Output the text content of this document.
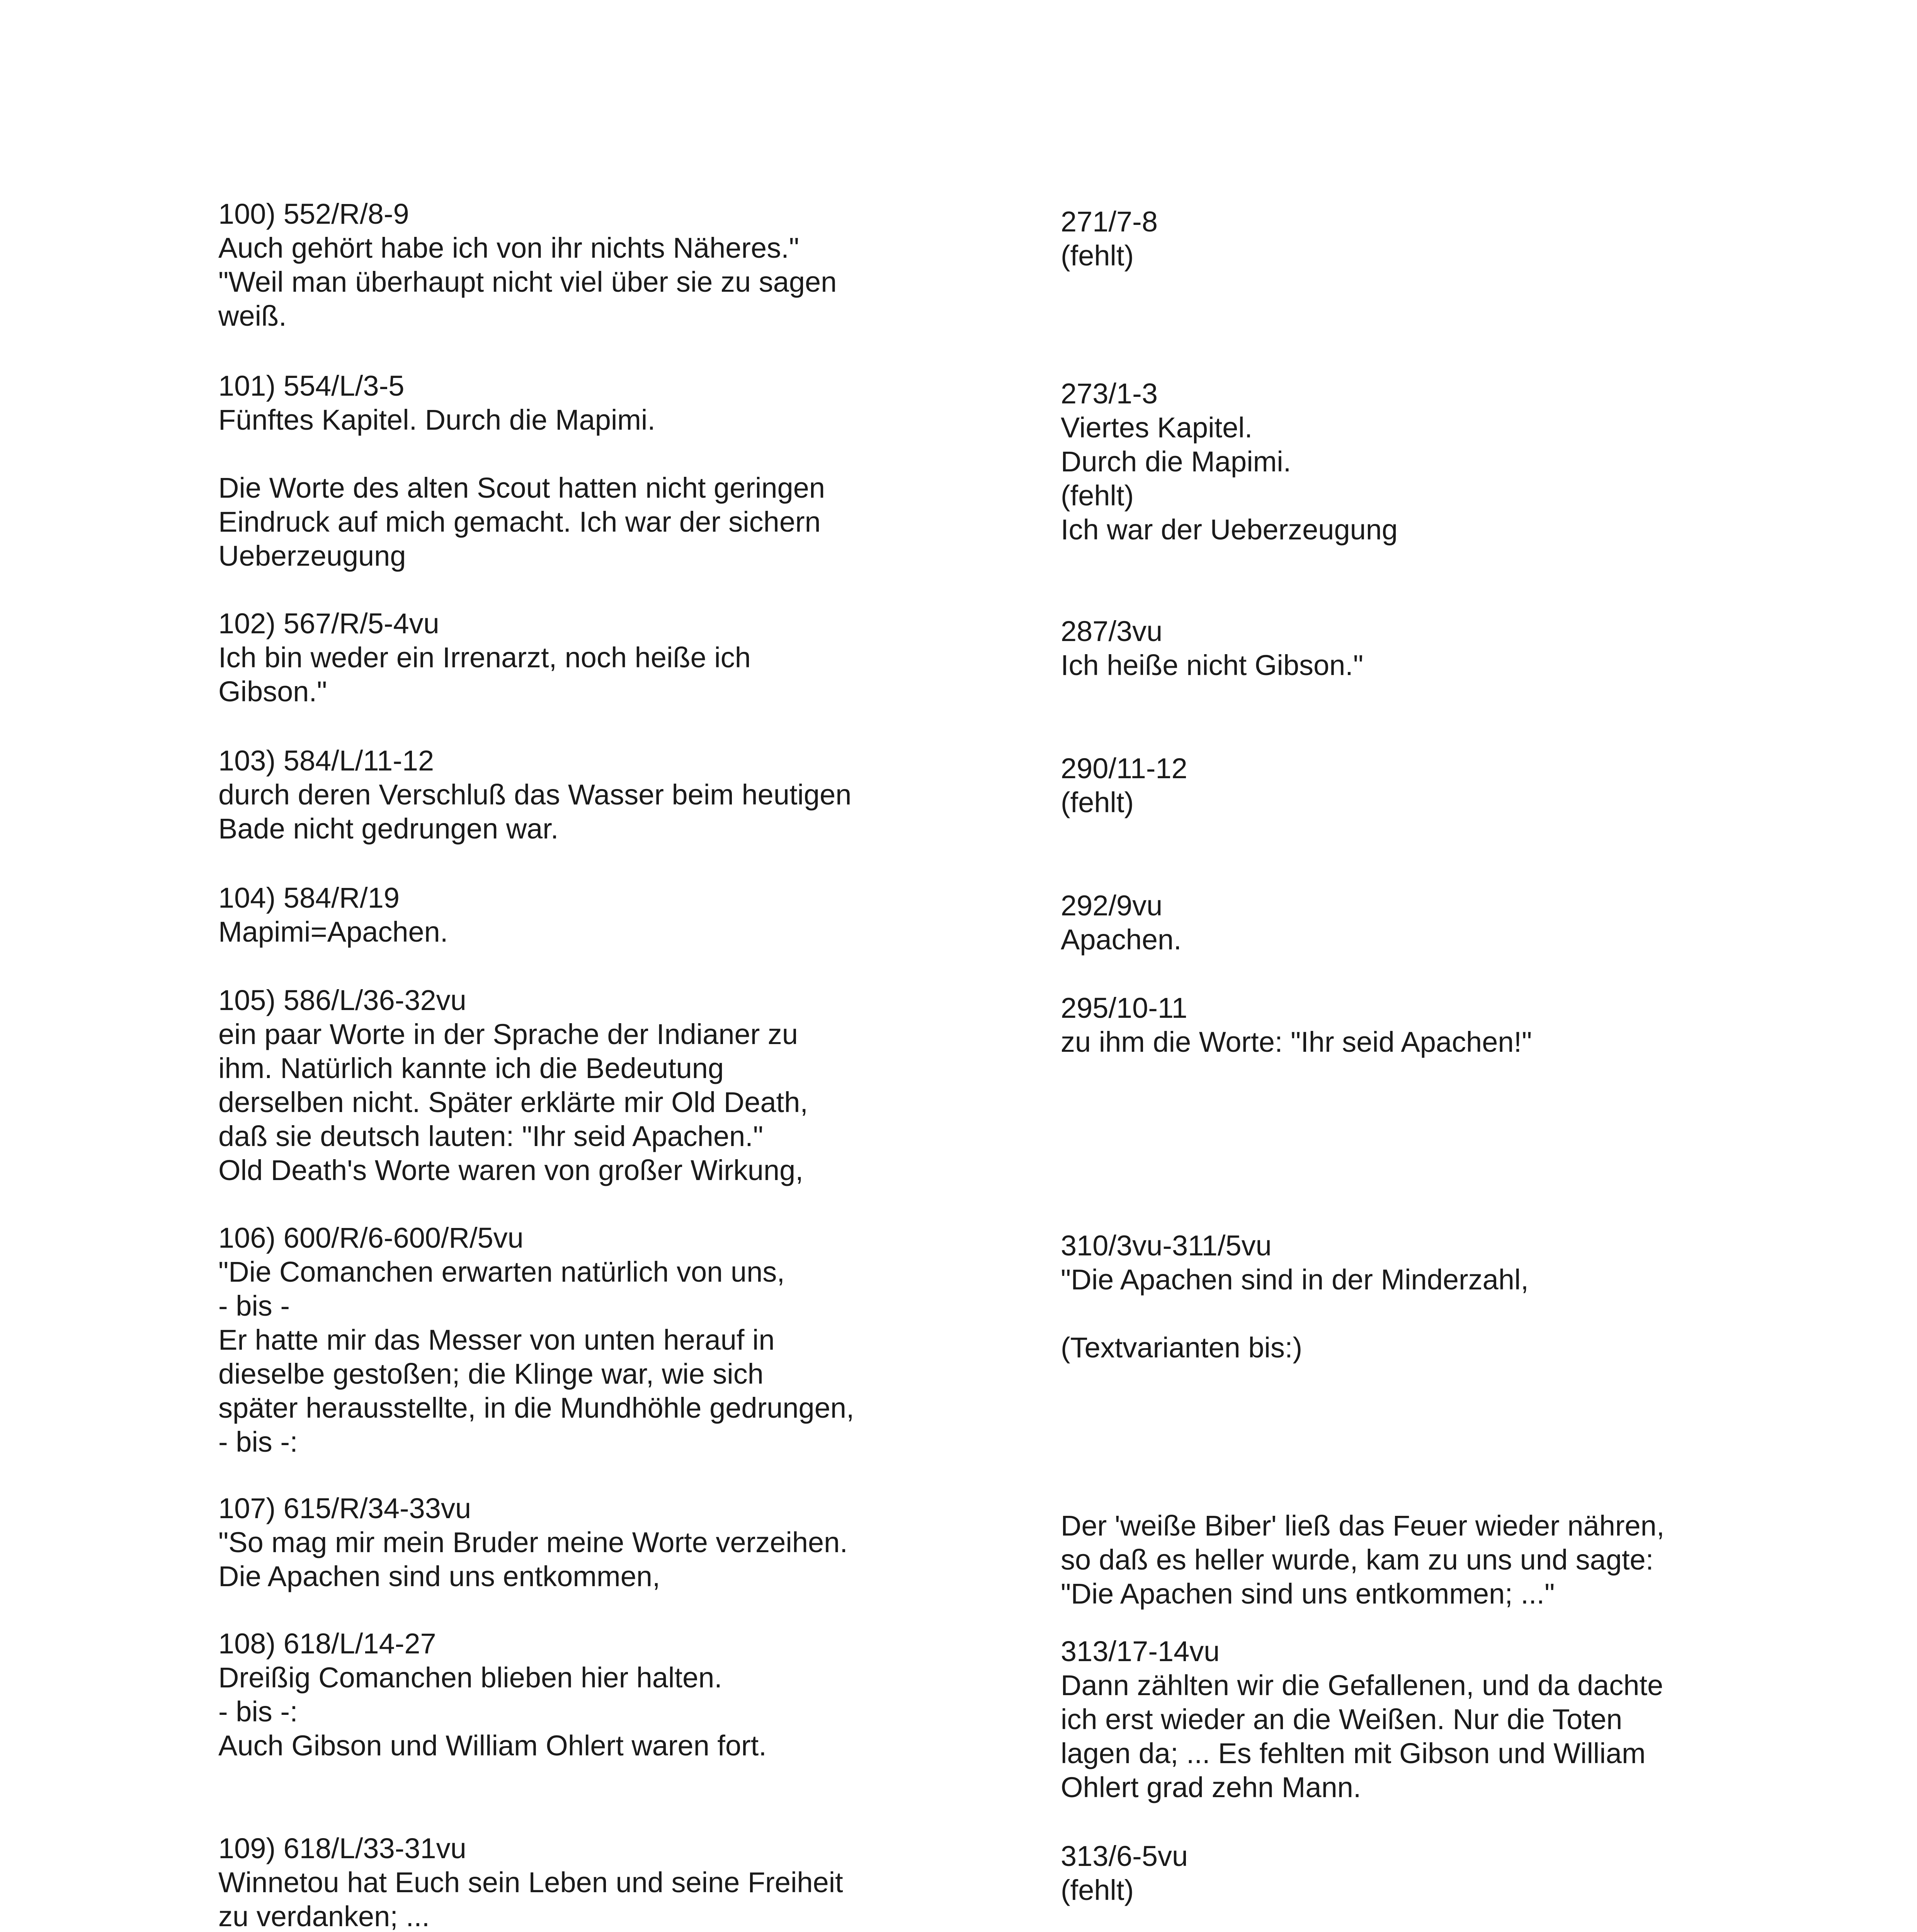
100) 552/R/8-9
Auch gehört habe ich von ihr nichts Näheres."
"Weil man überhaupt nicht viel über sie zu sagen
weiß.
271/7-8
(fehlt)
101) 554/L/3-5
Fünftes Kapitel. Durch die Mapimi.
Die Worte des alten Scout hatten nicht geringen
Eindruck auf mich gemacht. Ich war der sichern
Ueberzeugung
273/1-3
Viertes Kapitel.
Durch die Mapimi.
(fehlt)
Ich war der Ueberzeugung
102) 567/R/5-4vu
Ich bin weder ein Irrenarzt, noch heiße ich
Gibson."
287/3vu
Ich heiße nicht Gibson."
103) 584/L/11-12
durch deren Verschluß das Wasser beim heutigen
Bade nicht gedrungen war.
290/11-12
(fehlt)
104) 584/R/19
Mapimi=Apachen.
292/9vu
Apachen.
105) 586/L/36-32vu
ein paar Worte in der Sprache der Indianer zu
ihm. Natürlich kannte ich die Bedeutung
derselben nicht. Später erklärte mir Old Death,
daß sie deutsch lauten: "Ihr seid Apachen."
Old Death's Worte waren von großer Wirkung,
295/10-11
zu ihm die Worte: "Ihr seid Apachen!"
106) 600/R/6-600/R/5vu
"Die Comanchen erwarten natürlich von uns,
- bis -
Er hatte mir das Messer von unten herauf in
dieselbe gestoßen; die Klinge war, wie sich
später herausstellte, in die Mundhöhle gedrungen,
- bis -:
310/3vu-311/5vu
"Die Apachen sind in der Minderzahl,
(Textvarianten bis:)
107) 615/R/34-33vu
"So mag mir mein Bruder meine Worte verzeihen.
Die Apachen sind uns entkommen,
Der 'weiße Biber' ließ das Feuer wieder nähren,
so daß es heller wurde, kam zu uns und sagte:
"Die Apachen sind uns entkommen; ..."
108) 618/L/14-27
Dreißig Comanchen blieben hier halten.
- bis -:
Auch Gibson und William Ohlert waren fort.
313/17-14vu
Dann zählten wir die Gefallenen, und da dachte
ich erst wieder an die Weißen. Nur die Toten
lagen da; ... Es fehlten mit Gibson und William
Ohlert grad zehn Mann.
109) 618/L/33-31vu
Winnetou hat Euch sein Leben und seine Freiheit
zu verdanken; ...
313/6-5vu
(fehlt)
